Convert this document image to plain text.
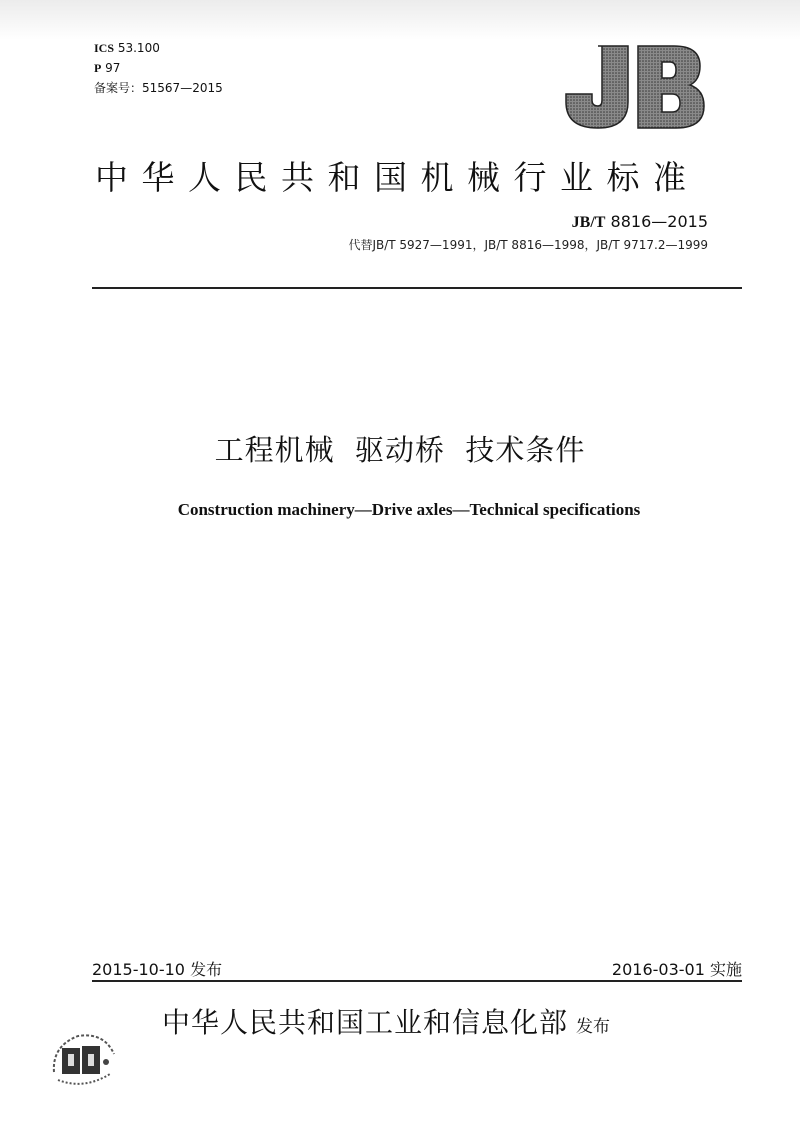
ICS 53.100
P 97
备案号：51567—2015
中华人民共和国机械行业标准
JB/T 8816—2015
代替JB/T 5927—1991，JB/T 8816—1998，JB/T 9717.2—1999
工程机械  驱动桥  技术条件
Construction machinery—Drive axles—Technical specifications
2015-10-10 发布	2016-03-01 实施
中华人民共和国工业和信息化部 发布
